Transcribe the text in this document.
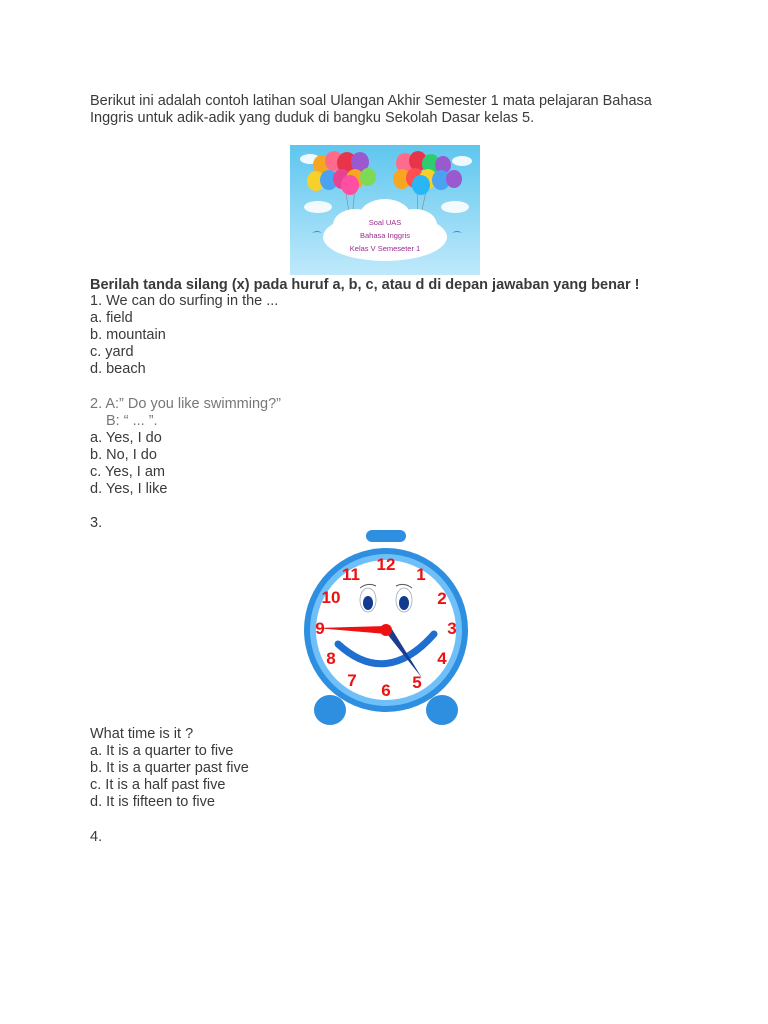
Berikut ini adalah contoh latihan soal Ulangan Akhir Semester 1 mata pelajaran Bahasa Inggris untuk adik-adik yang duduk di bangku Sekolah Dasar kelas 5.
Soal UAS
Bahasa Inggris
Kelas V Semeseter 1
Berilah tanda silang (x) pada huruf a, b, c, atau d di depan jawaban yang benar !
1. We can do surfing in the ...
a. field
b. mountain
c. yard
d. beach
2. A:” Do you like swimming?”
B: “ ... ”.
a. Yes, I do
b. No, I do
c. Yes, I am
d. Yes, I like
3.
12
1
2
3
4
5
6
7
8
9
10
11
What time is it ?
a. It is a quarter to five
b. It is a quarter past five
c. It is a half past five
d. It is fifteen to five
4.
